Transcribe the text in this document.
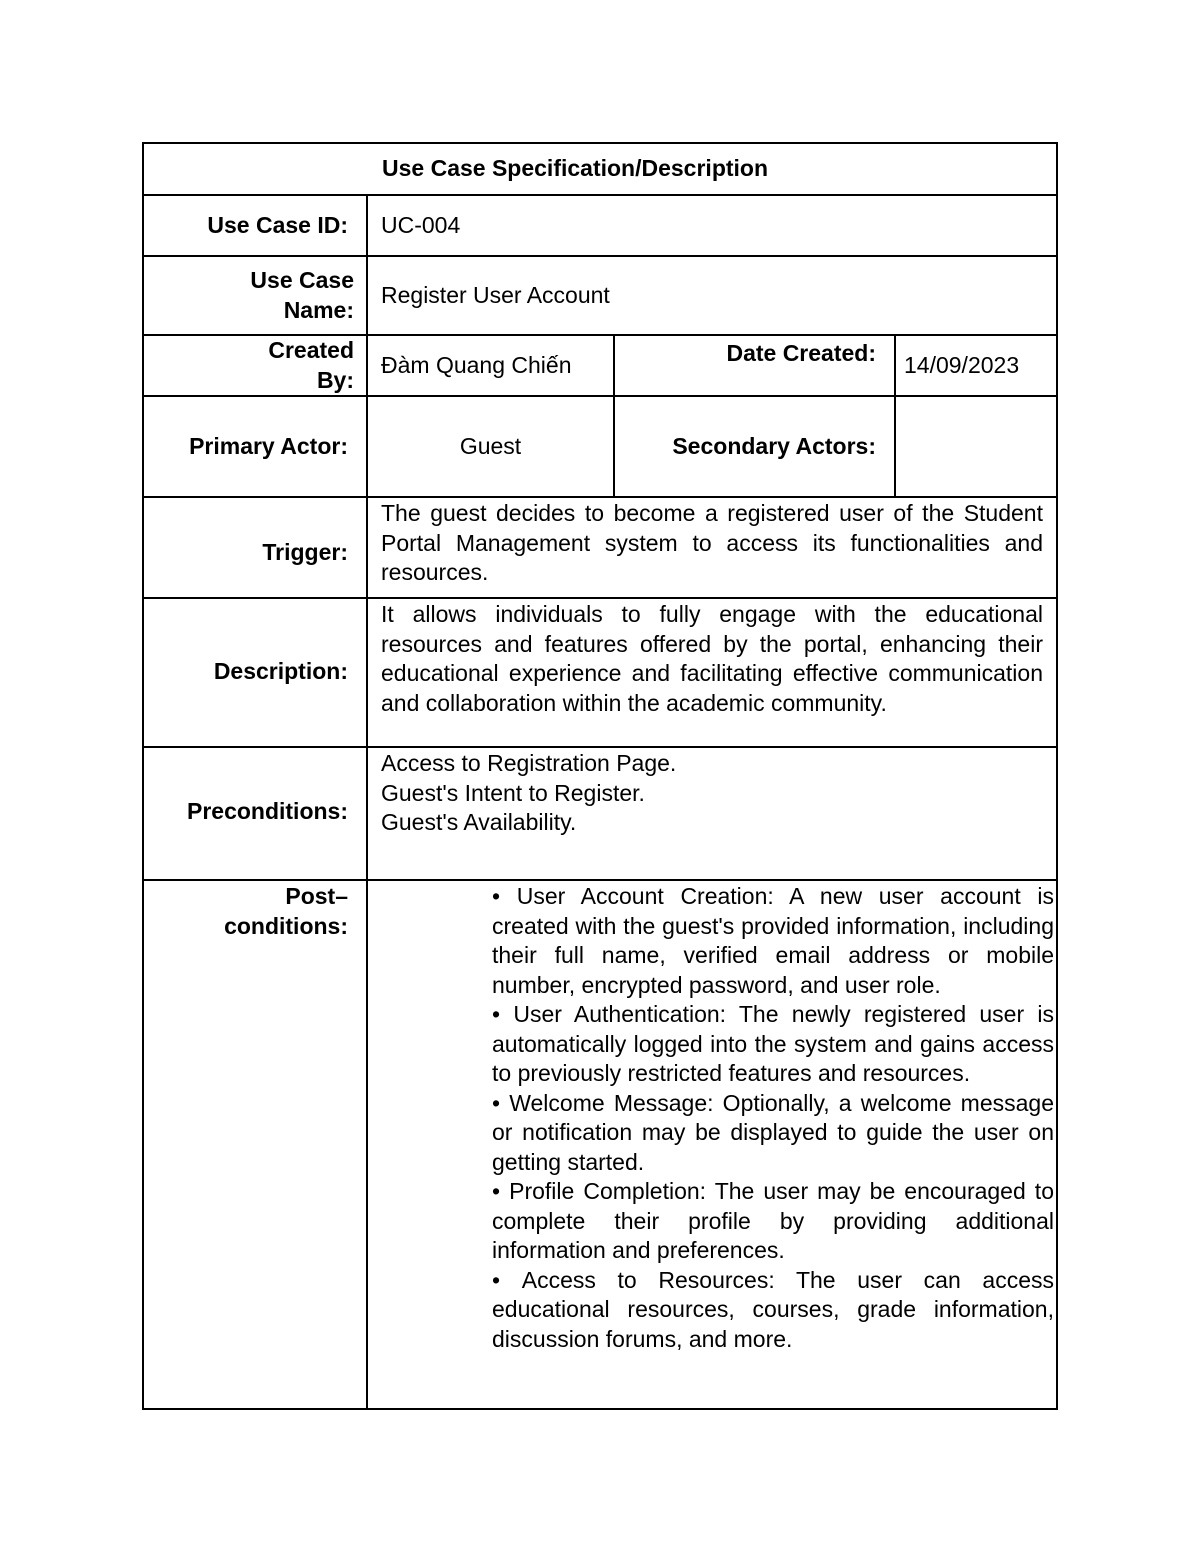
Use Case Specification/Description
Use Case ID: UC-004
Use Case
Name:
Register User Account
Created
By:
Đàm Quang Chiến	Date Created: 14/09/2023
Primary Actor:	Guest	Secondary Actors:
Trigger:
The guest decides to become a registered user of the Student Portal Management system to access its functionalities and resources.
Description:
It allows individuals to fully engage with the educational resources and features offered by the portal, enhancing their educational experience and facilitating effective communication and collaboration within the academic community.
Preconditions:
Access to Registration Page.
Guest's Intent to Register.
Guest's Availability.
Post–
conditions:
• User Account Creation: A new user account is created with the guest's provided information, including their full name, verified email address or mobile number, encrypted password, and user role.
• User Authentication: The newly registered user is automatically logged into the system and gains access to previously restricted features and resources.
• Welcome Message: Optionally, a welcome message or notification may be displayed to guide the user on getting started.
• Profile Completion: The user may be encouraged to complete their profile by providing additional information and preferences.
• Access to Resources: The user can access educational resources, courses, grade information, discussion forums, and more.
